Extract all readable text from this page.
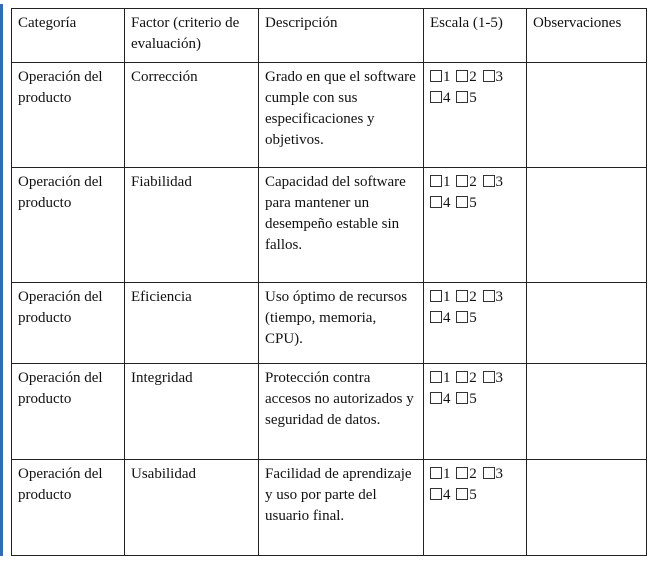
Categoría	Factor (criterio de evaluación)	Descripción	Escala (1-5)	Observaciones
Operación del producto	Corrección	Grado en que el software cumple con sus especificaciones y objetivos.	1 2 3 4 5	

Operación del producto	Fiabilidad	Capacidad del software para mantener un desempeño estable sin fallos.	1 2 3 4 5	

Operación del producto	Eficiencia	Uso óptimo de recursos (tiempo, memoria, CPU).	1 2 3 4 5	

Operación del producto	Integridad	Protección contra accesos no autorizados y seguridad de datos.	1 2 3 4 5	

Operación del producto	Usabilidad	Facilidad de aprendizaje y uso por parte del usuario final.	1 2 3 4 5	
